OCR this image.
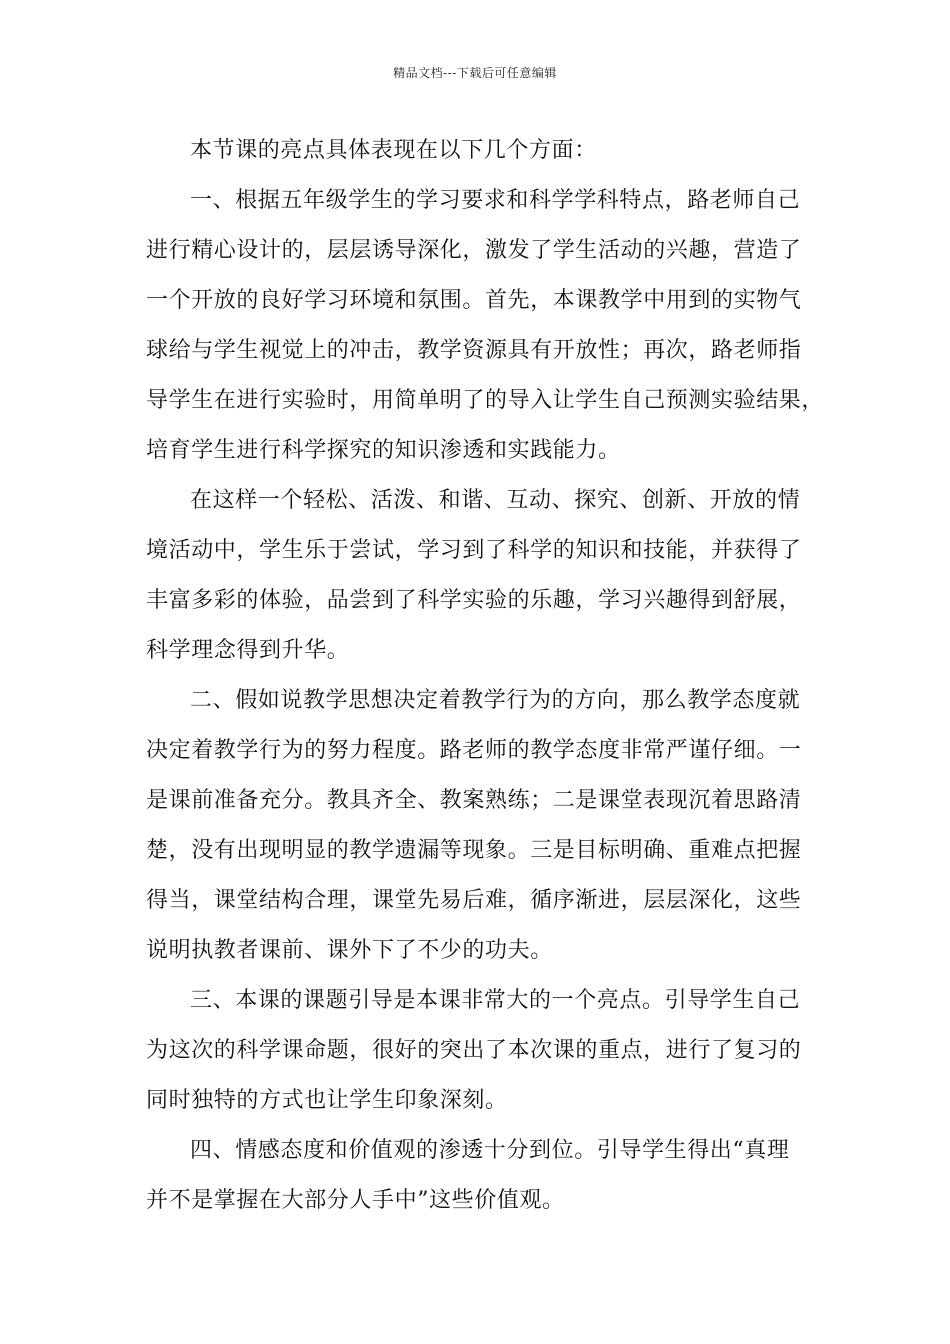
精品文档---下载后可任意编辑
本节课的亮点具体表现在以下几个方面：
一、根据五年级学生的学习要求和科学学科特点，路老师自己
进行精心设计的，层层诱导深化，激发了学生活动的兴趣，营造了
一个开放的良好学习环境和氛围。首先，本课教学中用到的实物气
球给与学生视觉上的冲击，教学资源具有开放性；再次，路老师指
导学生在进行实验时，用简单明了的导入让学生自己预测实验结果，
培育学生进行科学探究的知识渗透和实践能力。
在这样一个轻松、活泼、和谐、互动、探究、创新、开放的情
境活动中，学生乐于尝试，学习到了科学的知识和技能，并获得了
丰富多彩的体验，品尝到了科学实验的乐趣，学习兴趣得到舒展，
科学理念得到升华。
二、假如说教学思想决定着教学行为的方向，那么教学态度就
决定着教学行为的努力程度。路老师的教学态度非常严谨仔细。一
是课前准备充分。教具齐全、教案熟练；二是课堂表现沉着思路清
楚，没有出现明显的教学遗漏等现象。三是目标明确、重难点把握
得当，课堂结构合理，课堂先易后难，循序渐进，层层深化，这些
说明执教者课前、课外下了不少的功夫。
三、本课的课题引导是本课非常大的一个亮点。引导学生自己
为这次的科学课命题，很好的突出了本次课的重点，进行了复习的
同时独特的方式也让学生印象深刻。
四、情感态度和价值观的渗透十分到位。引导学生得出“真理
并不是掌握在大部分人手中”这些价值观。
